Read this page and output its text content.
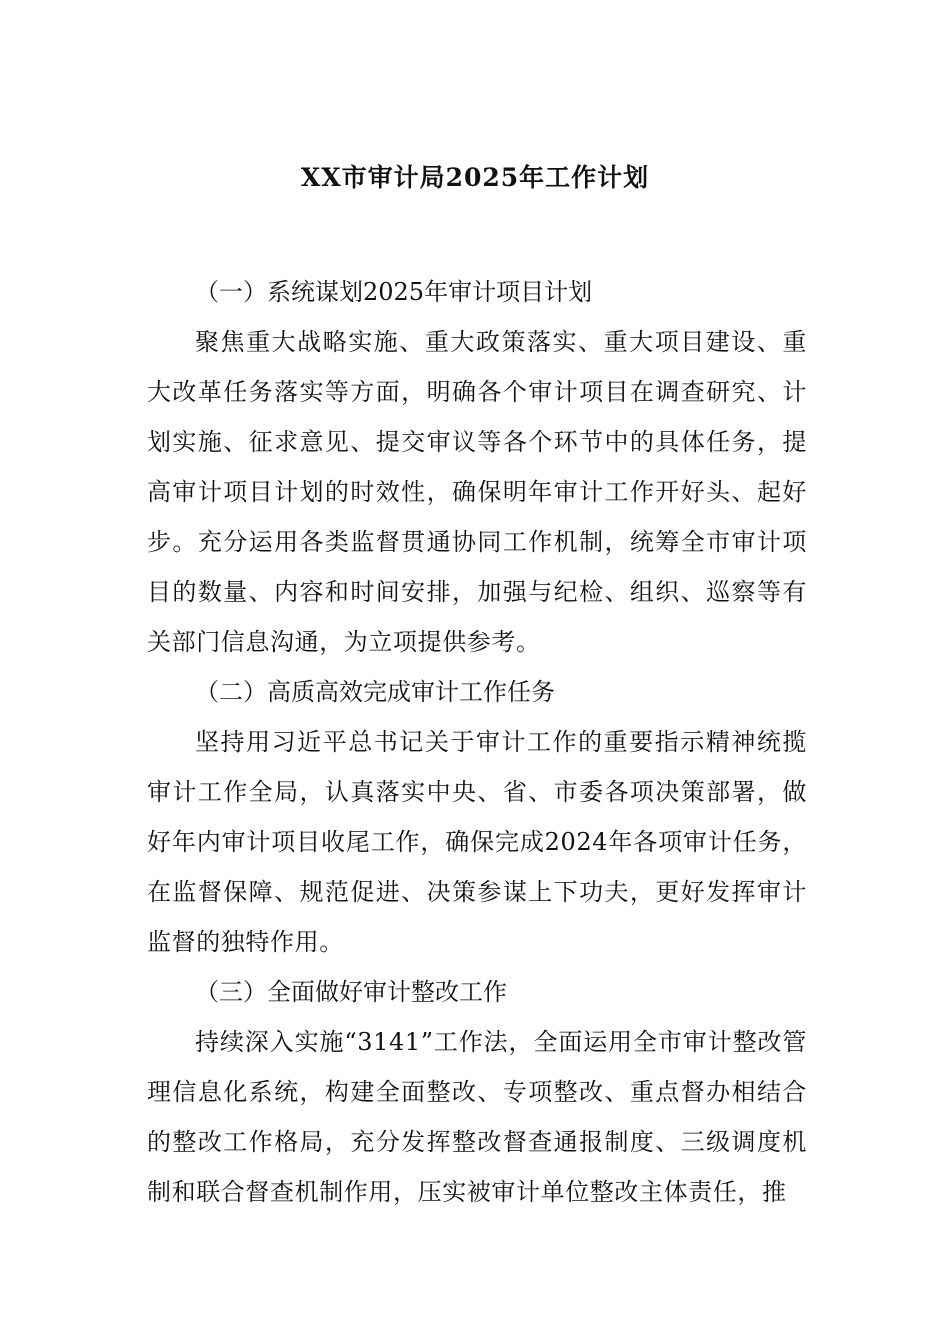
XX市审计局2025年工作计划

（一）系统谋划2025年审计项目计划

聚焦重大战略实施、重大政策落实、重大项目建设、重大改革任务落实等方面，明确各个审计项目在调查研究、计划实施、征求意见、提交审议等各个环节中的具体任务，提高审计项目计划的时效性，确保明年审计工作开好头、起好步。充分运用各类监督贯通协同工作机制，统筹全市审计项目的数量、内容和时间安排，加强与纪检、组织、巡察等有关部门信息沟通，为立项提供参考。

（二）高质高效完成审计工作任务

坚持用习近平总书记关于审计工作的重要指示精神统揽审计工作全局，认真落实中央、省、市委各项决策部署，做好年内审计项目收尾工作，确保完成2024年各项审计任务，在监督保障、规范促进、决策参谋上下功夫，更好发挥审计监督的独特作用。

（三）全面做好审计整改工作

持续深入实施“3141”工作法，全面运用全市审计整改管理信息化系统，构建全面整改、专项整改、重点督办相结合的整改工作格局，充分发挥整改督查通报制度、三级调度机制和联合督查机制作用，压实被审计单位整改主体责任，推
